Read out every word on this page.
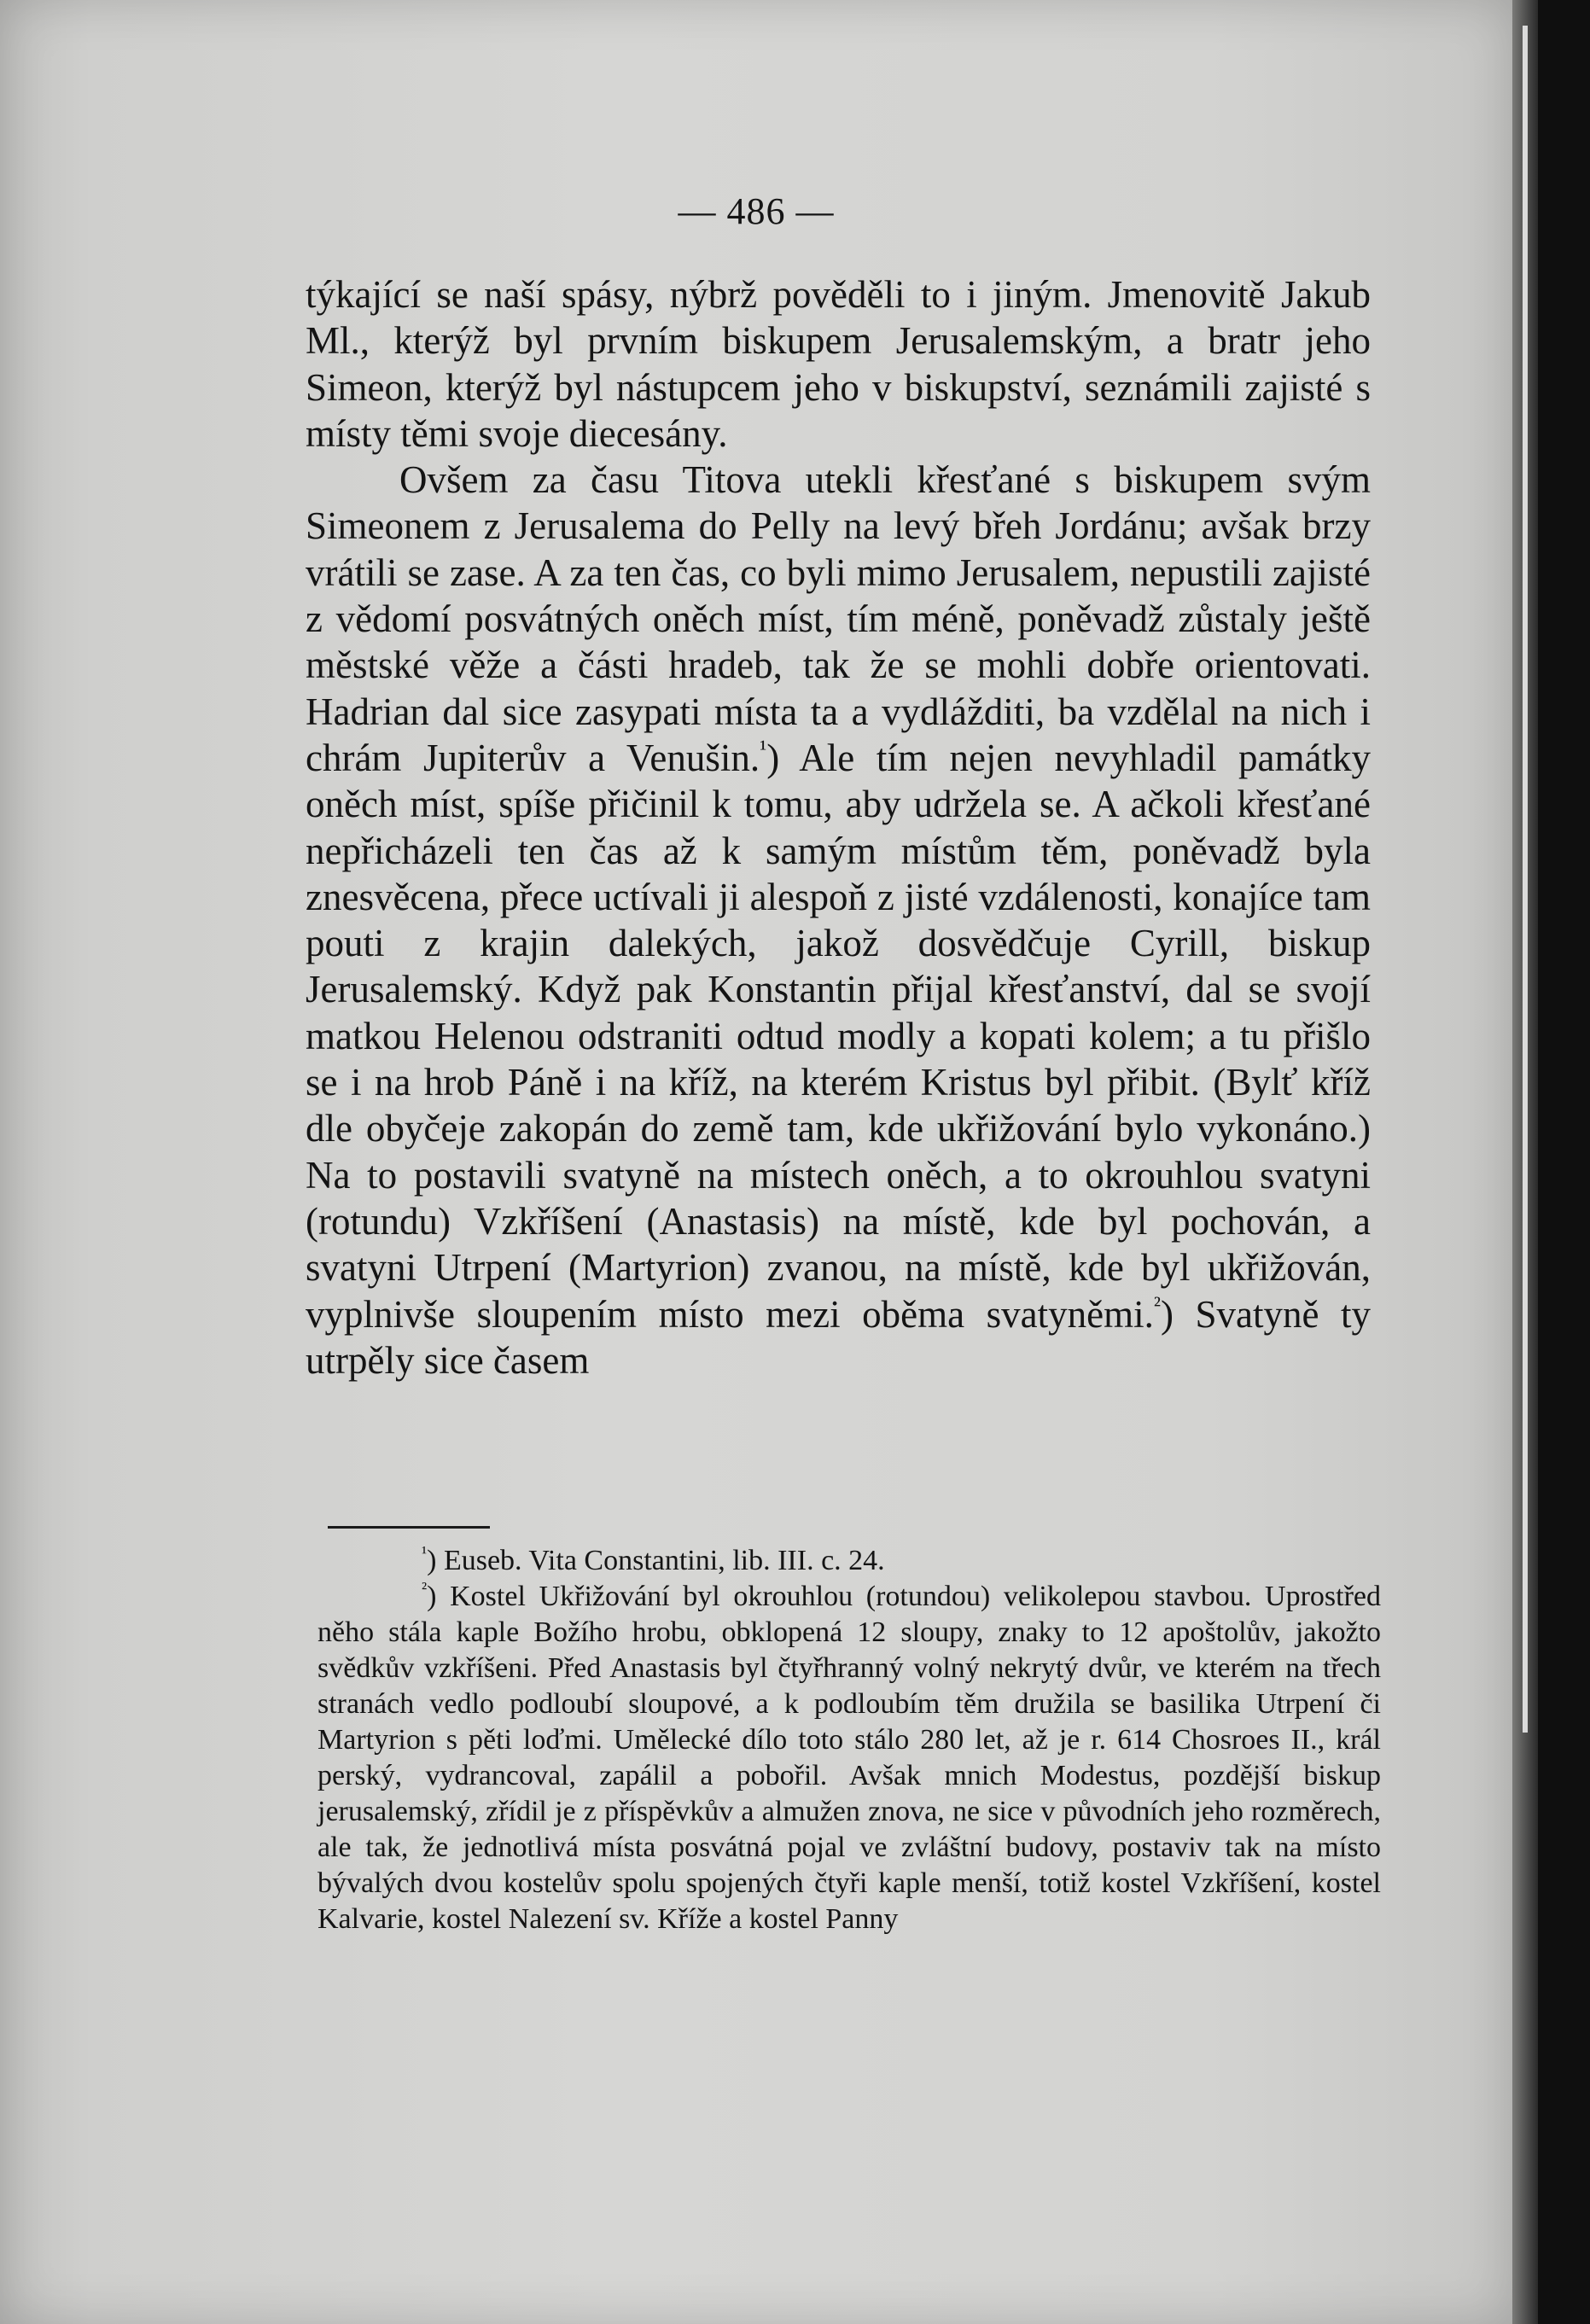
— 486 —

týkající se naší spásy, nýbrž pověděli to i jiným. Jmenovitě Jakub Ml., kterýž byl prvním biskupem Jerusalemským, a bratr jeho Simeon, kterýž byl nástupcem jeho v biskupství, seznámili zajisté s místy těmi svoje diecesány.

Ovšem za času Titova utekli křesťané s biskupem svým Simeonem z Jerusalema do Pelly na levý břeh Jordánu; avšak brzy vrátili se zase. A za ten čas, co byli mimo Jerusalem, nepustili zajisté z vědomí posvátných oněch míst, tím méně, poněvadž zůstaly ještě městské věže a části hradeb, tak že se mohli dobře orientovati. Hadrian dal sice zasypati místa ta a vydlážditi, ba vzdělal na nich i chrám Jupiterův a Venušin.$^{^1}$) Ale tím nejen nevyhladil památky oněch míst, spíše přičinil k tomu, aby udržela se. A ačkoli křesťané nepřicházeli ten čas až k samým místům těm, poněvadž byla znesvěcena, přece uctívali ji alespoň z jisté vzdálenosti, konajíce tam pouti z krajin dalekých, jakož dosvědčuje Cyrill, biskup Jerusalemský. Když pak Konstantin přijal křesťanství, dal se svojí matkou Helenou odstraniti odtud modly a kopati kolem; a tu přišlo se i na hrob Páně i na kříž, na kterém Kristus byl přibit. (Bylť kříž dle obyčeje zakopán do země tam, kde ukřižování bylo vykonáno.) Na to postavili svatyně na místech oněch, a to okrouhlou svatyni (rotundu) Vzkříšení (Anastasis) na místě, kde byl pochován, a svatyni Utrpení (Martyrion) zvanou, na místě, kde byl ukřižován, vyplnivše sloupením místo mezi oběma svatyněmi.$^{^2}$) Svatyně ty utrpěly sice časem

$^{^1}$) Euseb. Vita Constantini, lib. III. c. 24.

$^{^2}$) Kostel Ukřižování byl okrouhlou (rotundou) velikolepou stavbou. Uprostřed něho stála kaple Božího hrobu, obklopená 12 sloupy, znaky to 12 apoštolův, jakožto svědkův vzkříšeni. Před Anastasis byl čtyřhranný volný nekrytý dvůr, ve kterém na třech stranách vedlo podloubí sloupové, a k podloubím těm družila se basilika Utrpení či Martyrion s pěti loďmi. Umělecké dílo toto stálo 280 let, až je r. 614 Chosroes II., král perský, vydrancoval, zapálil a pobořil. Avšak mnich Modestus, pozdější biskup jerusalemský, zřídil je z příspěvkův a almužen znova, ne sice v původních jeho rozměrech, ale tak, že jednotlivá místa posvátná pojal ve zvláštní budovy, postaviv tak na místo bývalých dvou kostelův spolu spojených čtyři kaple menší, totiž kostel Vzkříšení, kostel Kalvarie, kostel Nalezení sv. Kříže a kostel Panny
